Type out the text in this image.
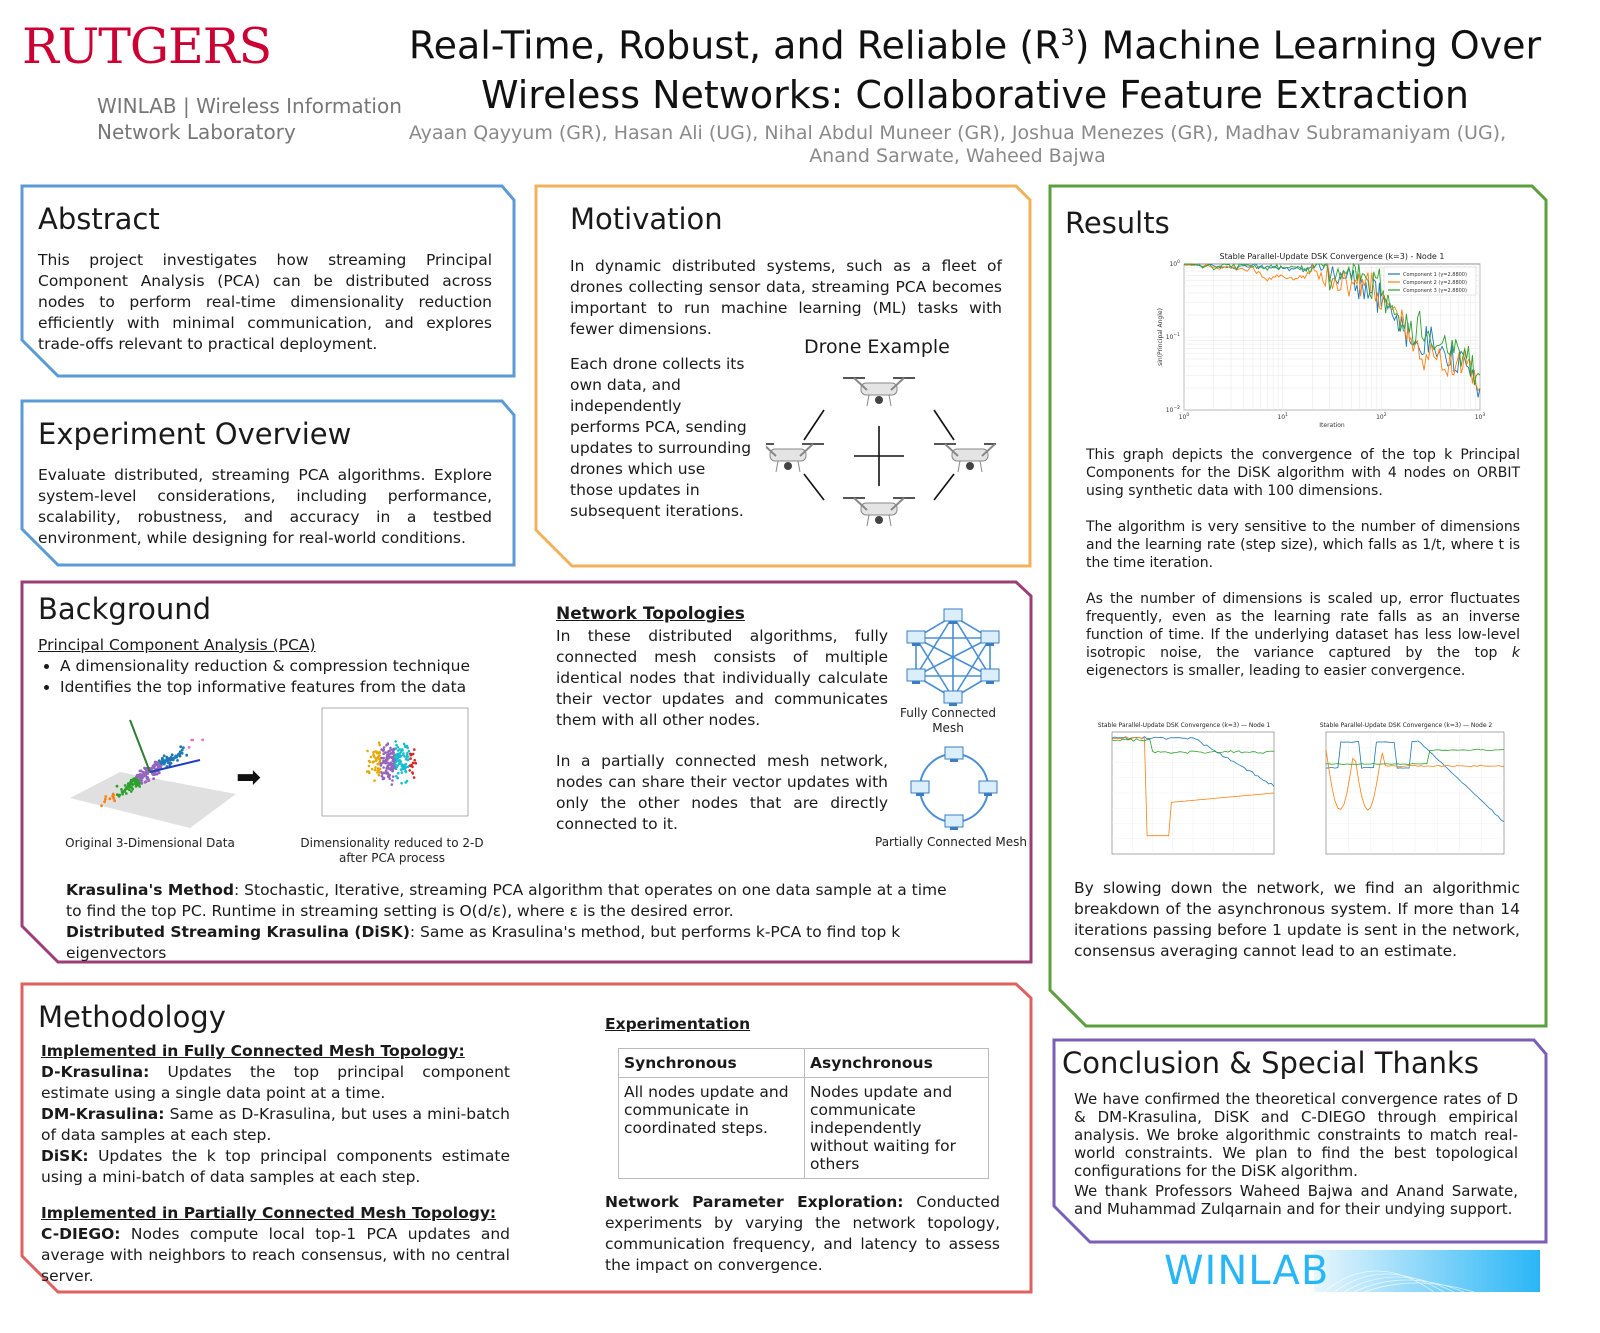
RUTGERS
WINLAB | Wireless Information
Network Laboratory
Real-Time, Robust, and Reliable $(R^3)$ Machine Learning Over Wireless Networks: Collaborative Feature Extraction
Ayaan Qayyum (GR), Hasan Ali (UG), Nihal Abdul Muneer (GR), Joshua Menezes (GR), Madhav Subramaniyam (UG),
Anand Sarwate, Waheed Bajwa
Abstract
This project investigates how streaming Principal Component Analysis (PCA) can be distributed across nodes to perform real-time dimensionality reduction efficiently with minimal communication, and explores trade-offs relevant to practical deployment.
Experiment Overview
Evaluate distributed, streaming PCA algorithms. Explore system-level considerations, including performance, scalability, robustness, and accuracy in a testbed environment, while designing for real-world conditions.
Motivation
In dynamic distributed systems, such as a fleet of drones collecting sensor data, streaming PCA becomes important to run machine learning (ML) tasks with fewer dimensions.
Each drone collects its own data, and independently performs PCA, sending updates to surrounding drones which use those updates in subsequent iterations.
Drone Example
Background
Principal Component Analysis (PCA)
• A dimensionality reduction & compression technique
• Identifies the top informative features from the data
Original 3-Dimensional Data
➡
Dimensionality reduced to 2-D
after PCA process
Network Topologies
In these distributed algorithms, fully connected mesh consists of multiple identical nodes that individually calculate their vector updates and communicates them with all other nodes.
In a partially connected mesh network, nodes can share their vector updates with only the other nodes that are directly connected to it.
Fully Connected
Mesh
Partially Connected Mesh
Krasulina's Method: Stochastic, Iterative, streaming PCA algorithm that operates on one data sample at a time to find the top PC. Runtime in streaming setting is O(d/ε), where ε is the desired error.
Distributed Streaming Krasulina (DiSK): Same as Krasulina's method, but performs k-PCA to find top k eigenvectors
Results
Stable Parallel-Update DSK Convergence (k=3) - Node 1
$10^0$	$10^1$	$10^2$	$10^3$
$10^0$
$10^{-1}$
$10^{-2}$
Iteration
sin(Principal Angle)
Component 1 (γ=2.8800)
Component 2 (γ=2.8800)
Component 3 (γ=2.8800)
This graph depicts the convergence of the top k Principal Components for the DiSK algorithm with 4 nodes on ORBIT using synthetic data with 100 dimensions.
The algorithm is very sensitive to the number of dimensions and the learning rate (step size), which falls as 1/t, where t is the time iteration.
As the number of dimensions is scaled up, error fluctuates frequently, even as the learning rate falls as an inverse function of time. If the underlying dataset has less low-level isotropic noise, the variance captured by the top k eigenectors is smaller, leading to easier convergence.
Stable Parallel-Update DSK Convergence (k=3) — Node 1	Stable Parallel-Update DSK Convergence (k=3) — Node 2
By slowing down the network, we find an algorithmic breakdown of the asynchronous system. If more than 14 iterations passing before 1 update is sent in the network, consensus averaging cannot lead to an estimate.
Methodology
Implemented in Fully Connected Mesh Topology:
D-Krasulina: Updates the top principal component estimate using a single data point at a time.
DM-Krasulina: Same as D-Krasulina, but uses a mini-batch of data samples at each step.
DiSK: Updates the k top principal components estimate using a mini-batch of data samples at each step.
Implemented in Partially Connected Mesh Topology:
C-DIEGO: Nodes compute local top-1 PCA updates and average with neighbors to reach consensus, with no central server.
Experimentation
Synchronous	Asynchronous
All nodes update and communicate in coordinated steps.	Nodes update and communicate independently without waiting for others
Network Parameter Exploration: Conducted experiments by varying the network topology, communication frequency, and latency to assess the impact on convergence.
Conclusion & Special Thanks
We have confirmed the theoretical convergence rates of D & DM-Krasulina, DiSK and C-DIEGO through empirical analysis. We broke algorithmic constraints to match real-world constraints. We plan to find the best topological configurations for the DiSK algorithm.
We thank Professors Waheed Bajwa and Anand Sarwate, and Muhammad Zulqarnain and for their undying support.
WINLAB
